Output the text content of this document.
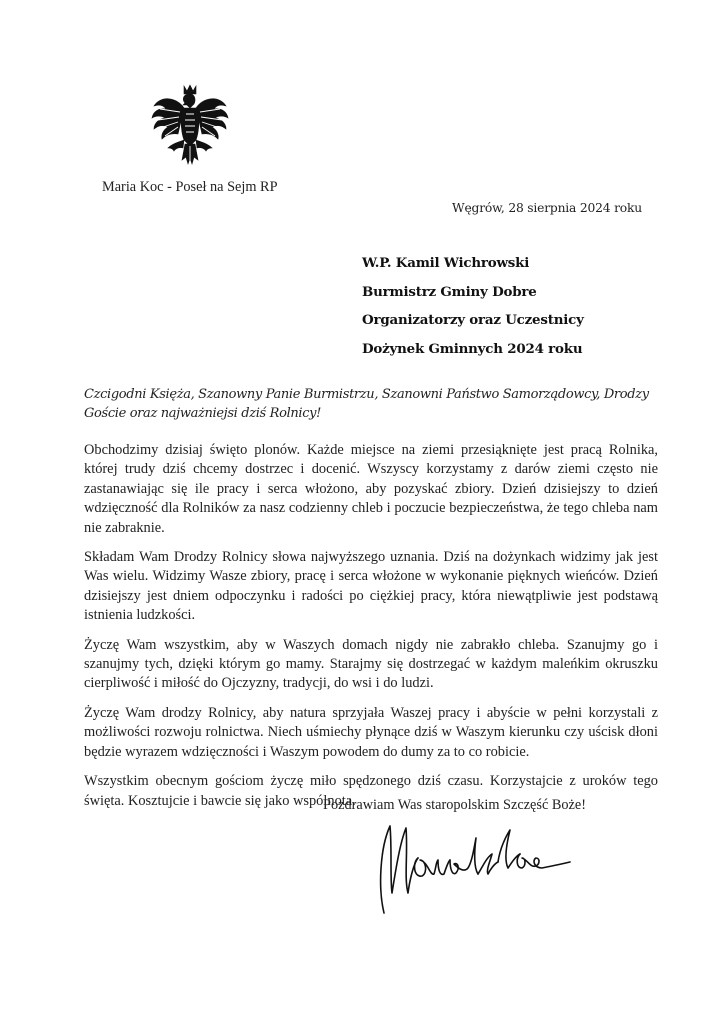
Maria Koc - Poseł na Sejm RP
Węgrów, 28 sierpnia 2024 roku
W.P. Kamil Wichrowski
Burmistrz Gminy Dobre
Organizatorzy oraz Uczestnicy
Dożynek Gminnych 2024 roku
Czcigodni Księża, Szanowny Panie Burmistrzu, Szanowni Państwo Samorządowcy, Drodzy Goście oraz najważniejsi dziś Rolnicy!

Obchodzimy dzisiaj święto plonów. Każde miejsce na ziemi przesiąknięte jest pracą Rolnika, której trudy dziś chcemy dostrzec i docenić. Wszyscy korzystamy z darów ziemi często nie zastanawiając się ile pracy i serca włożono, aby pozyskać zbiory. Dzień dzisiejszy to dzień wdzięczność dla Rolników za nasz codzienny chleb i poczucie bezpieczeństwa, że tego chleba nam nie zabraknie.

Składam Wam Drodzy Rolnicy słowa najwyższego uznania. Dziś na dożynkach widzimy jak jest Was wielu. Widzimy Wasze zbiory, pracę i serca włożone w wykonanie pięknych wieńców. Dzień dzisiejszy jest dniem odpoczynku i radości po ciężkiej pracy, która niewątpliwie jest podstawą istnienia ludzkości.

Życzę Wam wszystkim, aby w Waszych domach nigdy nie zabrakło chleba. Szanujmy go i szanujmy tych, dzięki którym go mamy. Starajmy się dostrzegać w każdym maleńkim okruszku cierpliwość i miłość do Ojczyzny, tradycji, do wsi i do ludzi.

Życzę Wam drodzy Rolnicy, aby natura sprzyjała Waszej pracy i abyście w pełni korzystali z możliwości rozwoju rolnictwa. Niech uśmiechy płynące dziś w Waszym kierunku czy uścisk dłoni będzie wyrazem wdzięczności i Waszym powodem do dumy za to co robicie.

Wszystkim obecnym gościom życzę miło spędzonego dziś czasu. Korzystajcie z uroków tego święta. Kosztujcie i bawcie się jako wspólnota.

Pozdrawiam Was staropolskim Szczęść Boże!
